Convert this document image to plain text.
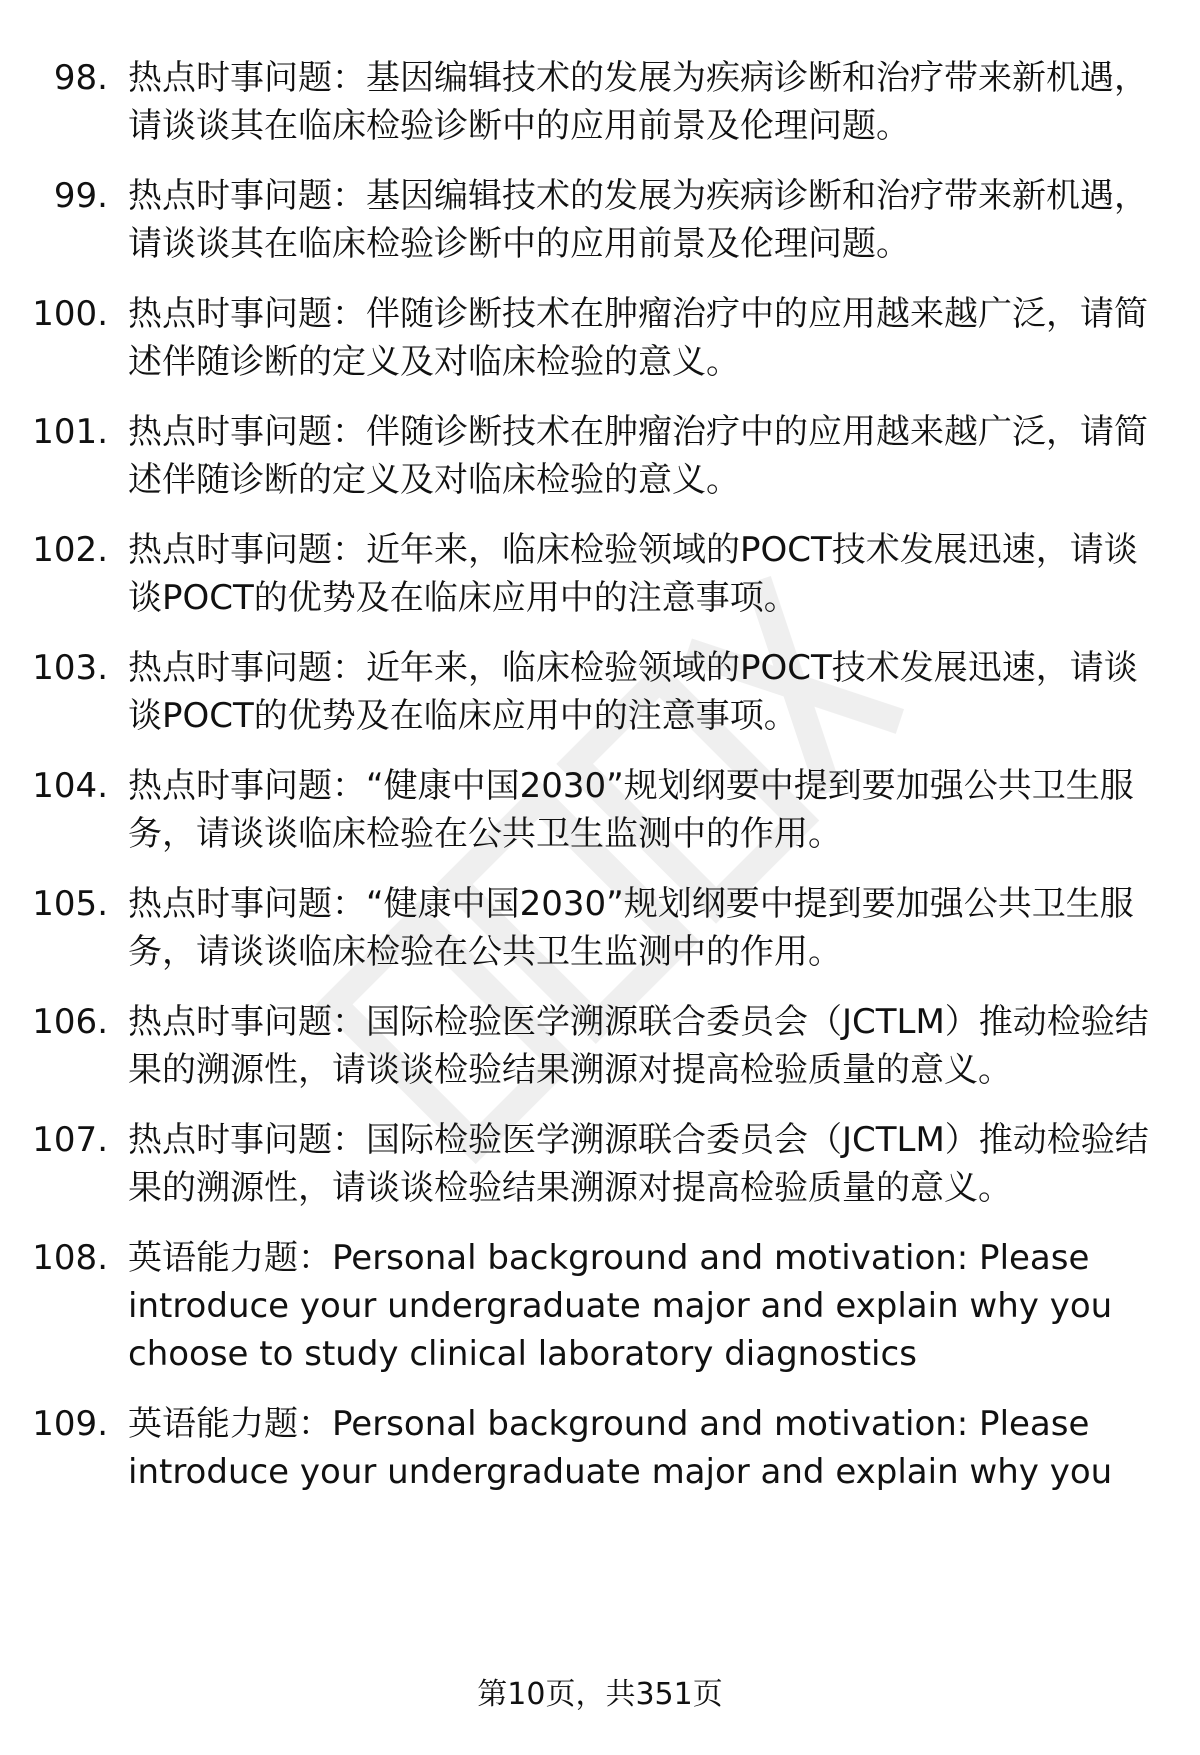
98. 热点时事问题：基因编辑技术的发展为疾病诊断和治疗带来新机遇，请谈谈其在临床检验诊断中的应用前景及伦理问题。

99. 热点时事问题：基因编辑技术的发展为疾病诊断和治疗带来新机遇，请谈谈其在临床检验诊断中的应用前景及伦理问题。

100. 热点时事问题：伴随诊断技术在肿瘤治疗中的应用越来越广泛，请简述伴随诊断的定义及对临床检验的意义。

101. 热点时事问题：伴随诊断技术在肿瘤治疗中的应用越来越广泛，请简述伴随诊断的定义及对临床检验的意义。

102. 热点时事问题：近年来，临床检验领域的POCT技术发展迅速，请谈谈POCT的优势及在临床应用中的注意事项。

103. 热点时事问题：近年来，临床检验领域的POCT技术发展迅速，请谈谈POCT的优势及在临床应用中的注意事项。

104. 热点时事问题：“健康中国2030”规划纲要中提到要加强公共卫生服务，请谈谈临床检验在公共卫生监测中的作用。

105. 热点时事问题：“健康中国2030”规划纲要中提到要加强公共卫生服务，请谈谈临床检验在公共卫生监测中的作用。

106. 热点时事问题：国际检验医学溯源联合委员会（JCTLM）推动检验结果的溯源性，请谈谈检验结果溯源对提高检验质量的意义。

107. 热点时事问题：国际检验医学溯源联合委员会（JCTLM）推动检验结果的溯源性，请谈谈检验结果溯源对提高检验质量的意义。

108. 英语能力题：Personal background and motivation: Please introduce your undergraduate major and explain why you choose to study clinical laboratory diagnostics

109. 英语能力题：Personal background and motivation: Please introduce your undergraduate major and explain why you

第10页，共351页
